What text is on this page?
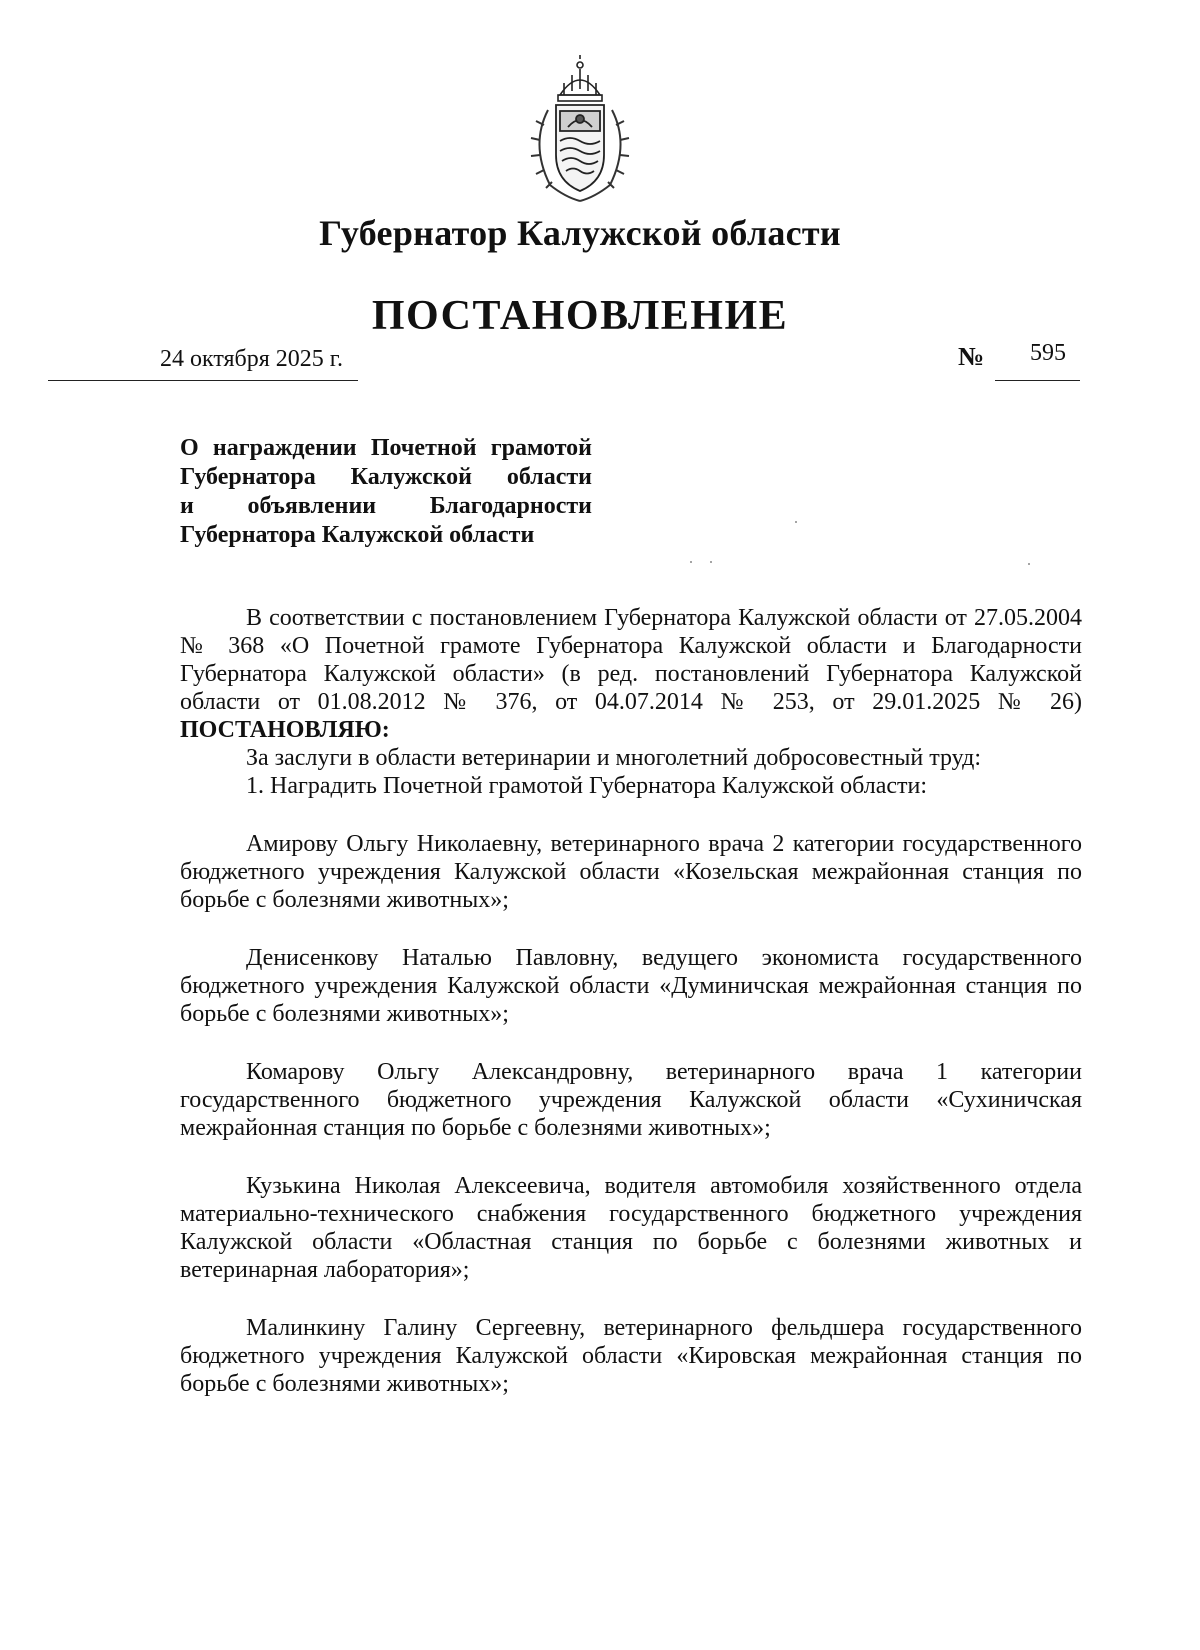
Губернатор Калужской области
ПОСТАНОВЛЕНИЕ
24 октября 2025 г.	№ 595
О награждении Почетной грамотой
Губернатора Калужской области
и объявлении Благодарности
Губернатора Калужской области

В соответствии с постановлением Губернатора Калужской области от 27.05.2004 № 368 «О Почетной грамоте Губернатора Калужской области и Благодарности Губернатора Калужской области» (в ред. постановлений Губернатора Калужской области от 01.08.2012 № 376, от 04.07.2014 № 253, от 29.01.2025 № 26) ПОСТАНОВЛЯЮ:

За заслуги в области ветеринарии и многолетний добросовестный труд:

1. Наградить Почетной грамотой Губернатора Калужской области:

Амирову Ольгу Николаевну, ветеринарного врача 2 категории государственного бюджетного учреждения Калужской области «Козельская межрайонная станция по борьбе с болезнями животных»;

Денисенкову Наталью Павловну, ведущего экономиста государственного бюджетного учреждения Калужской области «Думиничская межрайонная станция по борьбе с болезнями животных»;

Комарову Ольгу Александровну, ветеринарного врача 1 категории государственного бюджетного учреждения Калужской области «Сухиничская межрайонная станция по борьбе с болезнями животных»;

Кузькина Николая Алексеевича, водителя автомобиля хозяйственного отдела материально-технического снабжения государственного бюджетного учреждения Калужской области «Областная станция по борьбе с болезнями животных и ветеринарная лаборатория»;

Малинкину Галину Сергеевну, ветеринарного фельдшера государственного бюджетного учреждения Калужской области «Кировская межрайонная станция по борьбе с болезнями животных»;
